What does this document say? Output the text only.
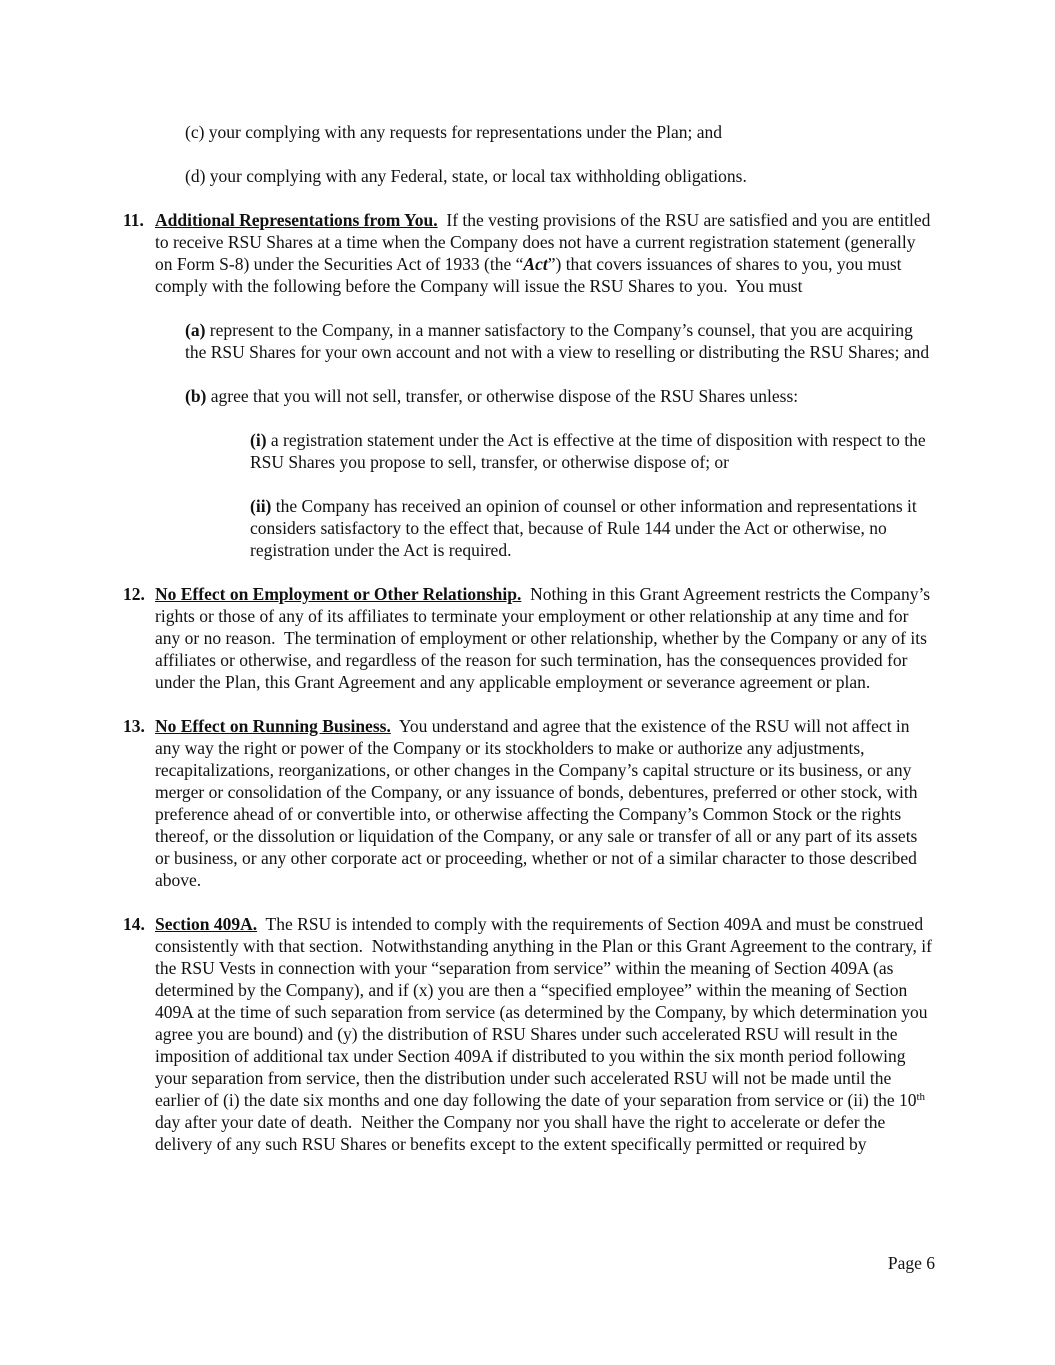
(c) your complying with any requests for representations under the Plan; and

(d) your complying with any Federal, state, or local tax withholding obligations.

11. Additional Representations from You.  If the vesting provisions of the RSU are satisfied and you are entitled to receive RSU Shares at a time when the Company does not have a current registration statement (generally on Form S-8) under the Securities Act of 1933 (the “Act”) that covers issuances of shares to you, you must comply with the following before the Company will issue the RSU Shares to you.  You must

(a) represent to the Company, in a manner satisfactory to the Company’s counsel, that you are acquiring the RSU Shares for your own account and not with a view to reselling or distributing the RSU Shares; and

(b) agree that you will not sell, transfer, or otherwise dispose of the RSU Shares unless:

(i) a registration statement under the Act is effective at the time of disposition with respect to the RSU Shares you propose to sell, transfer, or otherwise dispose of; or

(ii) the Company has received an opinion of counsel or other information and representations it considers satisfactory to the effect that, because of Rule 144 under the Act or otherwise, no registration under the Act is required.

12. No Effect on Employment or Other Relationship.  Nothing in this Grant Agreement restricts the Company’s rights or those of any of its affiliates to terminate your employment or other relationship at any time and for any or no reason.  The termination of employment or other relationship, whether by the Company or any of its affiliates or otherwise, and regardless of the reason for such termination, has the consequences provided for under the Plan, this Grant Agreement and any applicable employment or severance agreement or plan.

13. No Effect on Running Business.  You understand and agree that the existence of the RSU will not affect in any way the right or power of the Company or its stockholders to make or authorize any adjustments, recapitalizations, reorganizations, or other changes in the Company’s capital structure or its business, or any merger or consolidation of the Company, or any issuance of bonds, debentures, preferred or other stock, with preference ahead of or convertible into, or otherwise affecting the Company’s Common Stock or the rights thereof, or the dissolution or liquidation of the Company, or any sale or transfer of all or any part of its assets or business, or any other corporate act or proceeding, whether or not of a similar character to those described above.

14. Section 409A.  The RSU is intended to comply with the requirements of Section 409A and must be construed consistently with that section.  Notwithstanding anything in the Plan or this Grant Agreement to the contrary, if the RSU Vests in connection with your “separation from service” within the meaning of Section 409A (as determined by the Company), and if (x) you are then a “specified employee” within the meaning of Section 409A at the time of such separation from service (as determined by the Company, by which determination you agree you are bound) and (y) the distribution of RSU Shares under such accelerated RSU will result in the imposition of additional tax under Section 409A if distributed to you within the six month period following your separation from service, then the distribution under such accelerated RSU will not be made until the earlier of (i) the date six months and one day following the date of your separation from service or (ii) the 10th day after your date of death.  Neither the Company nor you shall have the right to accelerate or defer the delivery of any such RSU Shares or benefits except to the extent specifically permitted or required by

Page 6
